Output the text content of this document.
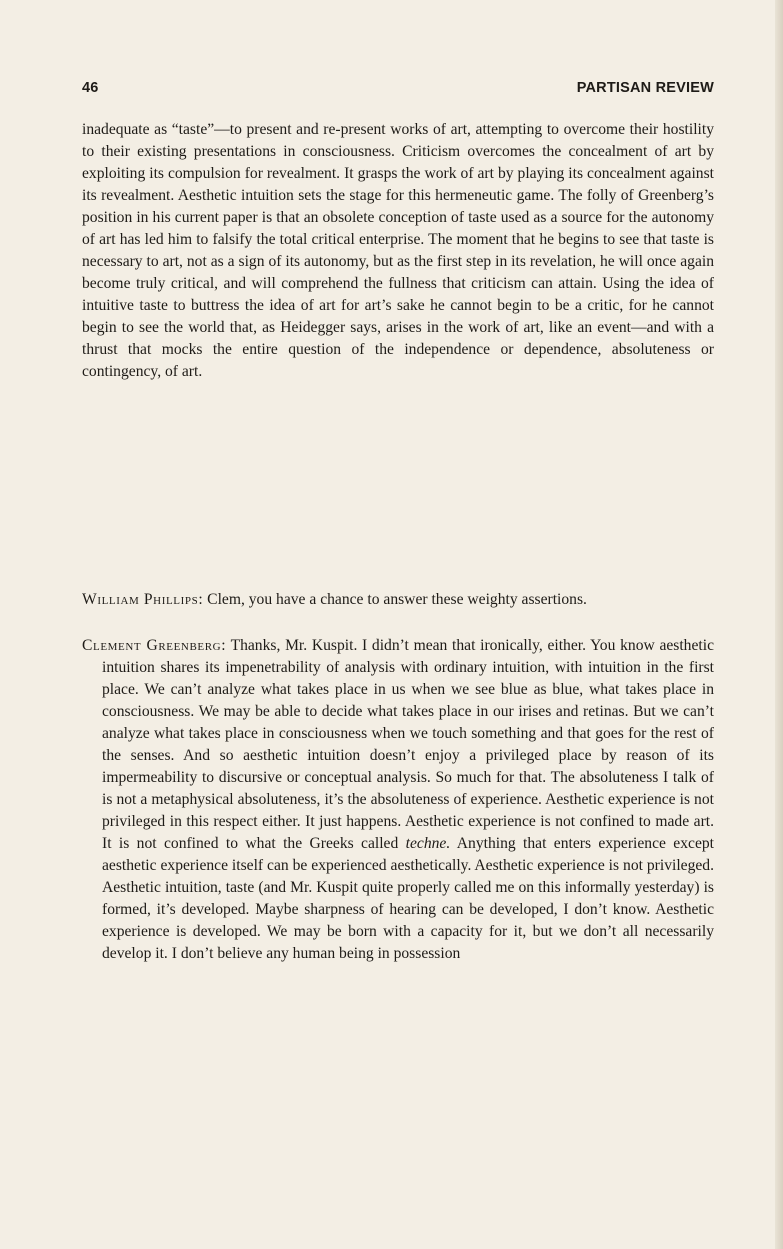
46	PARTISAN REVIEW

inadequate as “taste”—to present and re-present works of art, attempting to overcome their hostility to their existing presentations in consciousness. Criticism overcomes the concealment of art by exploiting its compulsion for revealment. It grasps the work of art by playing its concealment against its revealment. Aesthetic intuition sets the stage for this hermeneutic game. The folly of Greenberg’s position in his current paper is that an obsolete conception of taste used as a source for the autonomy of art has led him to falsify the total critical enterprise. The moment that he begins to see that taste is necessary to art, not as a sign of its autonomy, but as the first step in its revelation, he will once again become truly critical, and will comprehend the fullness that criticism can attain. Using the idea of intuitive taste to buttress the idea of art for art’s sake he cannot begin to be a critic, for he cannot begin to see the world that, as Heidegger says, arises in the work of art, like an event—and with a thrust that mocks the entire question of the independence or dependence, absoluteness or contingency, of art.

William Phillips: Clem, you have a chance to answer these weighty assertions.

Clement Greenberg: Thanks, Mr. Kuspit. I didn’t mean that ironically, either. You know aesthetic intuition shares its impenetrability of analysis with ordinary intuition, with intuition in the first place. We can’t analyze what takes place in us when we see blue as blue, what takes place in consciousness. We may be able to decide what takes place in our irises and retinas. But we can’t analyze what takes place in consciousness when we touch something and that goes for the rest of the senses. And so aesthetic intuition doesn’t enjoy a privileged place by reason of its impermeability to discursive or conceptual analysis. So much for that. The absoluteness I talk of is not a metaphysical absoluteness, it’s the absoluteness of experience. Aesthetic experience is not privileged in this respect either. It just happens. Aesthetic experience is not confined to made art. It is not confined to what the Greeks called techne. Anything that enters experience except aesthetic experience itself can be experienced aesthetically. Aesthetic experience is not privileged. Aesthetic intuition, taste (and Mr. Kuspit quite properly called me on this informally yesterday) is formed, it’s developed. Maybe sharpness of hearing can be developed, I don’t know. Aesthetic experience is developed. We may be born with a capacity for it, but we don’t all necessarily develop it. I don’t believe any human being in possession
